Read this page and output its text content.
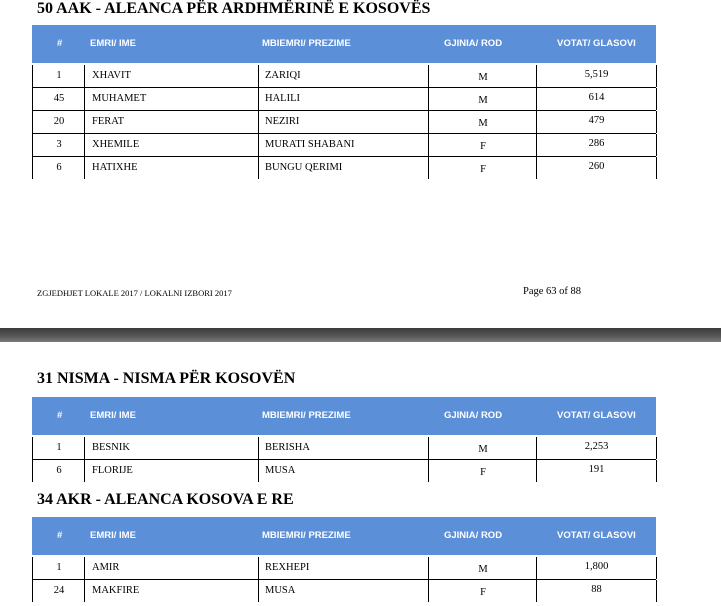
50 AAK - ALEANCA PËR ARDHMËRINË E KOSOVËS
#	EMRI/ IME	MBIEMRI/ PREZIME	GJINIA/ ROD	VOTAT/ GLASOVI
1	XHAVIT	ZARIQI	M	5,519
45	MUHAMET	HALILI	M	614
20	FERAT	NEZIRI	M	479
3	XHEMILE	MURATI SHABANI	F	286
6	HATIXHE	BUNGU QERIMI	F	260
ZGJEDHJET LOKALE 2017 / LOKALNI IZBORI 2017	Page 63 of 88
31 NISMA - NISMA PËR KOSOVËN
#	EMRI/ IME	MBIEMRI/ PREZIME	GJINIA/ ROD	VOTAT/ GLASOVI
1	BESNIK	BERISHA	M	2,253
6	FLORIJE	MUSA	F	191
34 AKR - ALEANCA KOSOVA E RE
#	EMRI/ IME	MBIEMRI/ PREZIME	GJINIA/ ROD	VOTAT/ GLASOVI
1	AMIR	REXHEPI	M	1,800
24	MAKFIRE	MUSA	F	88
